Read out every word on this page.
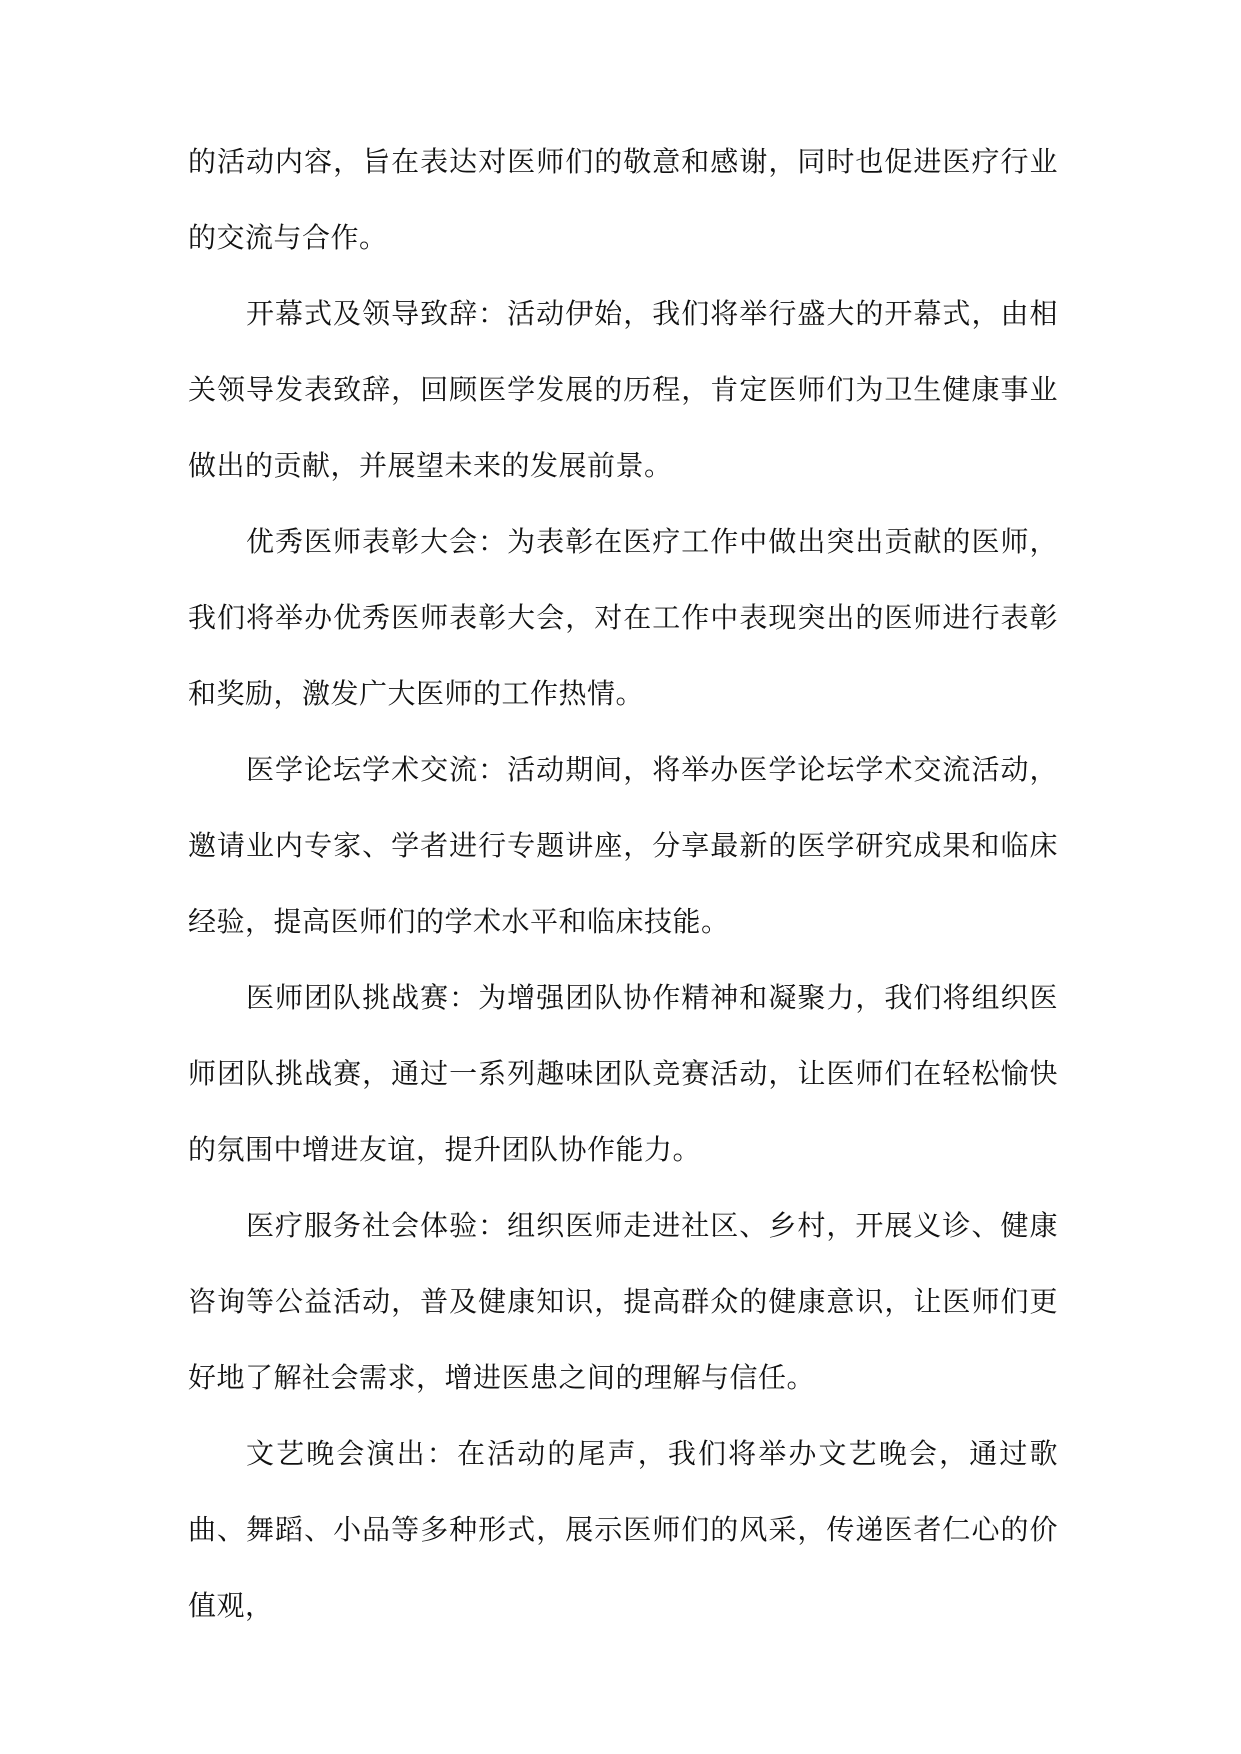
的活动内容，旨在表达对医师们的敬意和感谢，同时也促进医疗行业的交流与合作。

开幕式及领导致辞：活动伊始，我们将举行盛大的开幕式，由相关领导发表致辞，回顾医学发展的历程，肯定医师们为卫生健康事业做出的贡献，并展望未来的发展前景。

优秀医师表彰大会：为表彰在医疗工作中做出突出贡献的医师，我们将举办优秀医师表彰大会，对在工作中表现突出的医师进行表彰和奖励，激发广大医师的工作热情。

医学论坛学术交流：活动期间，将举办医学论坛学术交流活动，邀请业内专家、学者进行专题讲座，分享最新的医学研究成果和临床经验，提高医师们的学术水平和临床技能。

医师团队挑战赛：为增强团队协作精神和凝聚力，我们将组织医师团队挑战赛，通过一系列趣味团队竞赛活动，让医师们在轻松愉快的氛围中增进友谊，提升团队协作能力。

医疗服务社会体验：组织医师走进社区、乡村，开展义诊、健康咨询等公益活动，普及健康知识，提高群众的健康意识，让医师们更好地了解社会需求，增进医患之间的理解与信任。

文艺晚会演出：在活动的尾声，我们将举办文艺晚会，通过歌曲、舞蹈、小品等多种形式，展示医师们的风采，传递医者仁心的价值观，
